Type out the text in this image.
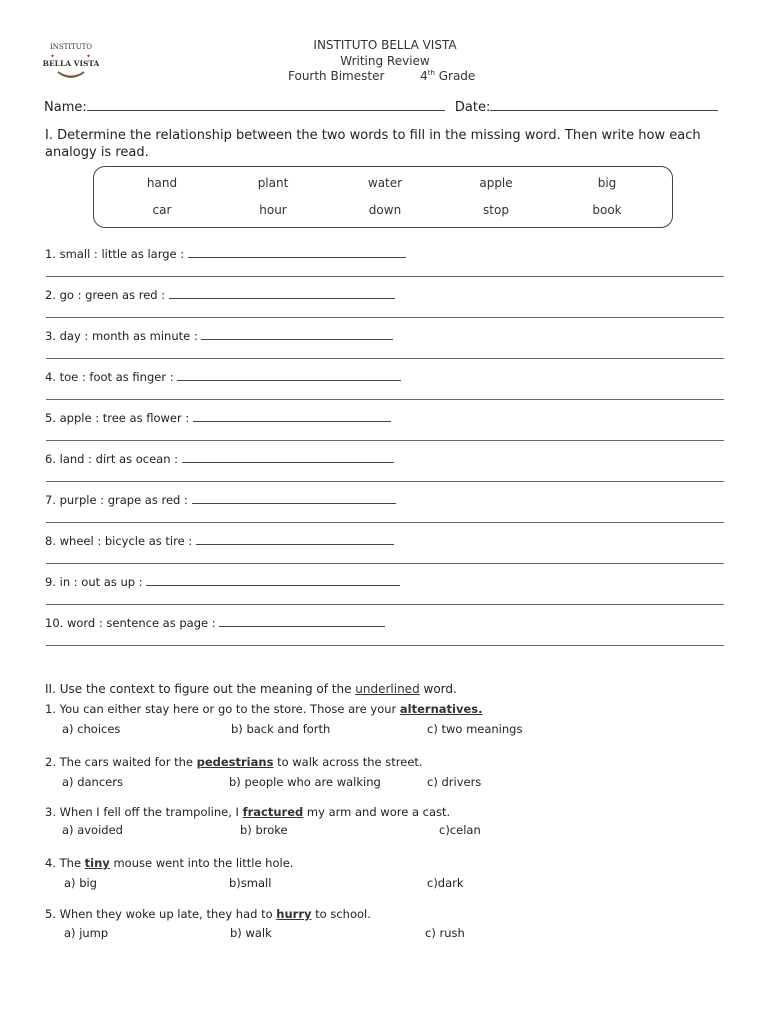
INSTITUTO
✦	✦
BELLA VISTA
INSTITUTO BELLA VISTA
Writing Review
Fourth Bimester	4th Grade
Name:	Date:
I. Determine the relationship between the two words to fill in the missing word. Then write how each
analogy is read.
hand	plant	water	apple	big
car	hour	down	stop	book
1. small : little as large :
2. go : green as red :
3. day : month as minute :
4. toe : foot as finger :
5. apple : tree as flower :
6. land : dirt as ocean :
7. purple : grape as red :
8. wheel : bicycle as tire :
9. in : out as up :
10. word : sentence as page :
II. Use the context to figure out the meaning of the underlined word.
1. You can either stay here or go to the store. Those are your alternatives.
a) choices	b) back and forth	c) two meanings
2. The cars waited for the pedestrians to walk across the street.
a) dancers	b) people who are walking	c) drivers
3. When I fell off the trampoline, I fractured my arm and wore a cast.
a) avoided	b) broke	c)celan
4. The tiny mouse went into the little hole.
a) big	b)small	c)dark
5. When they woke up late, they had to hurry to school.
a) jump	b) walk	c) rush
